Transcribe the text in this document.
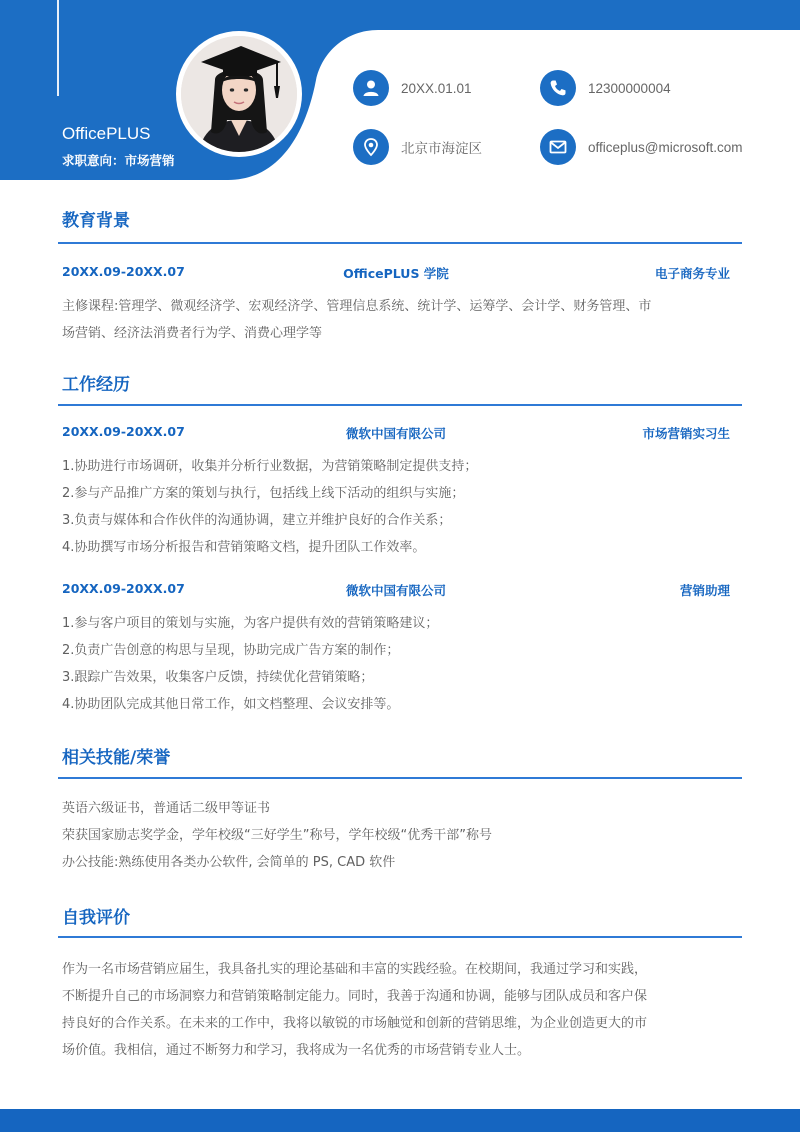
OfficePLUS
求职意向：市场营销
20XX.01.01	12300000004
北京市海淀区	officeplus@microsoft.com
教育背景
20XX.09-20XX.07	OfficePLUS 学院	电子商务专业
主修课程:管理学、微观经济学、宏观经济学、管理信息系统、统计学、运筹学、会计学、财务管理、市
场营销、经济法消费者行为学、消费心理学等
工作经历
20XX.09-20XX.07	微软中国有限公司	市场营销实习生
1.协助进行市场调研，收集并分析行业数据，为营销策略制定提供支持；
2.参与产品推广方案的策划与执行，包括线上线下活动的组织与实施；
3.负责与媒体和合作伙伴的沟通协调，建立并维护良好的合作关系；
4.协助撰写市场分析报告和营销策略文档，提升团队工作效率。
20XX.09-20XX.07	微软中国有限公司	营销助理
1.参与客户项目的策划与实施，为客户提供有效的营销策略建议；
2.负责广告创意的构思与呈现，协助完成广告方案的制作；
3.跟踪广告效果，收集客户反馈，持续优化营销策略；
4.协助团队完成其他日常工作，如文档整理、会议安排等。
相关技能/荣誉
英语六级证书，普通话二级甲等证书
荣获国家励志奖学金，学年校级“三好学生”称号，学年校级“优秀干部”称号
办公技能:熟练使用各类办公软件, 会简单的 PS, CAD 软件
自我评价
作为一名市场营销应届生，我具备扎实的理论基础和丰富的实践经验。在校期间，我通过学习和实践，
不断提升自己的市场洞察力和营销策略制定能力。同时，我善于沟通和协调，能够与团队成员和客户保
持良好的合作关系。在未来的工作中，我将以敏锐的市场触觉和创新的营销思维，为企业创造更大的市
场价值。我相信，通过不断努力和学习，我将成为一名优秀的市场营销专业人士。
